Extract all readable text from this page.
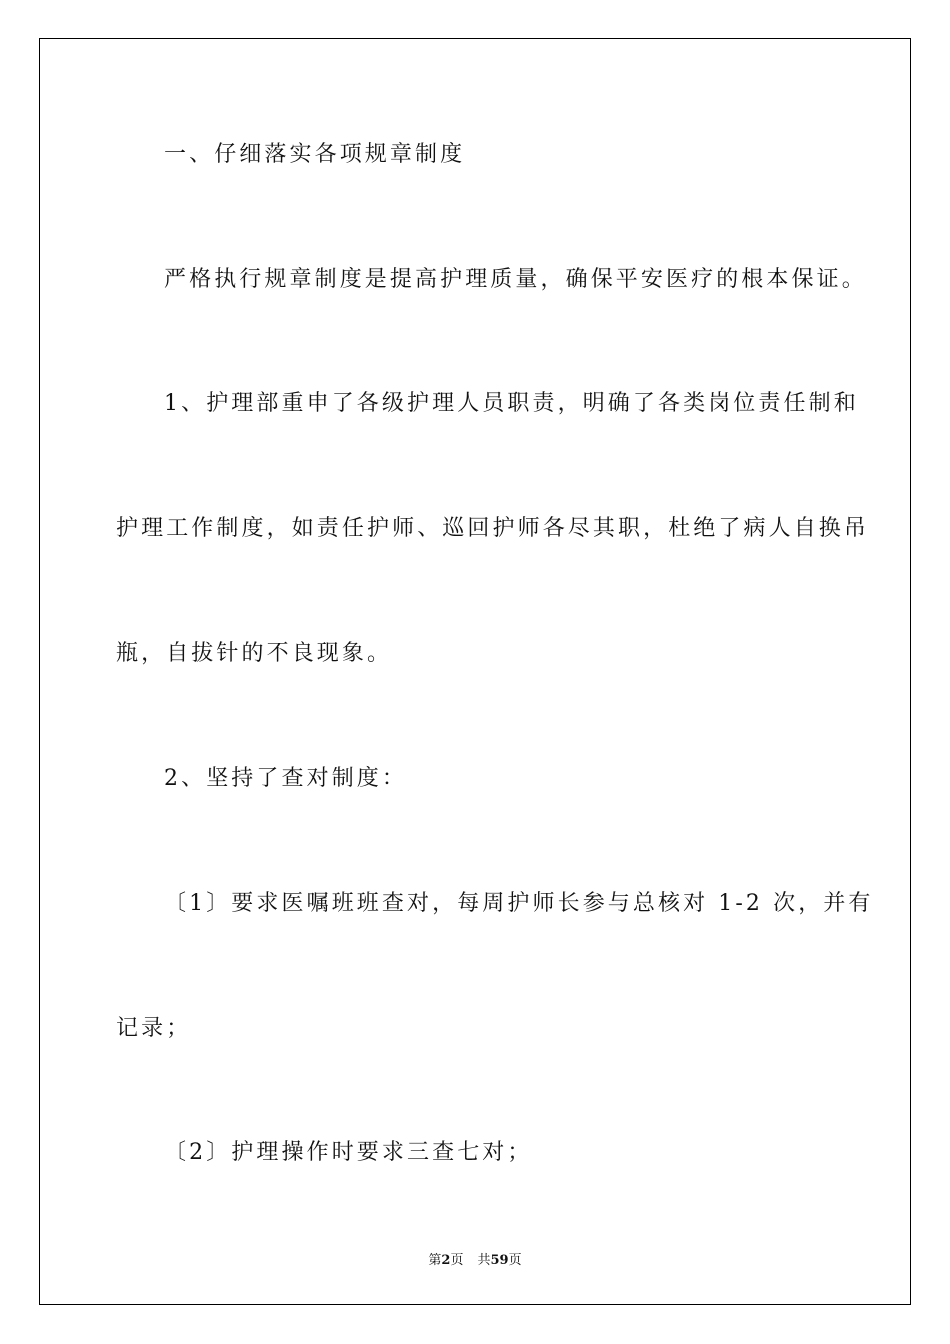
一、仔细落实各项规章制度

严格执行规章制度是提高护理质量，确保平安医疗的根本保证。

1、护理部重申了各级护理人员职责，明确了各类岗位责任制和

护理工作制度，如责任护师、巡回护师各尽其职，杜绝了病人自换吊

瓶，自拔针的不良现象。

2、坚持了查对制度：

〔1〕要求医嘱班班查对，每周护师长参与总核对 1-2 次，并有

记录；

〔2〕护理操作时要求三查七对；

第2页 共59页
